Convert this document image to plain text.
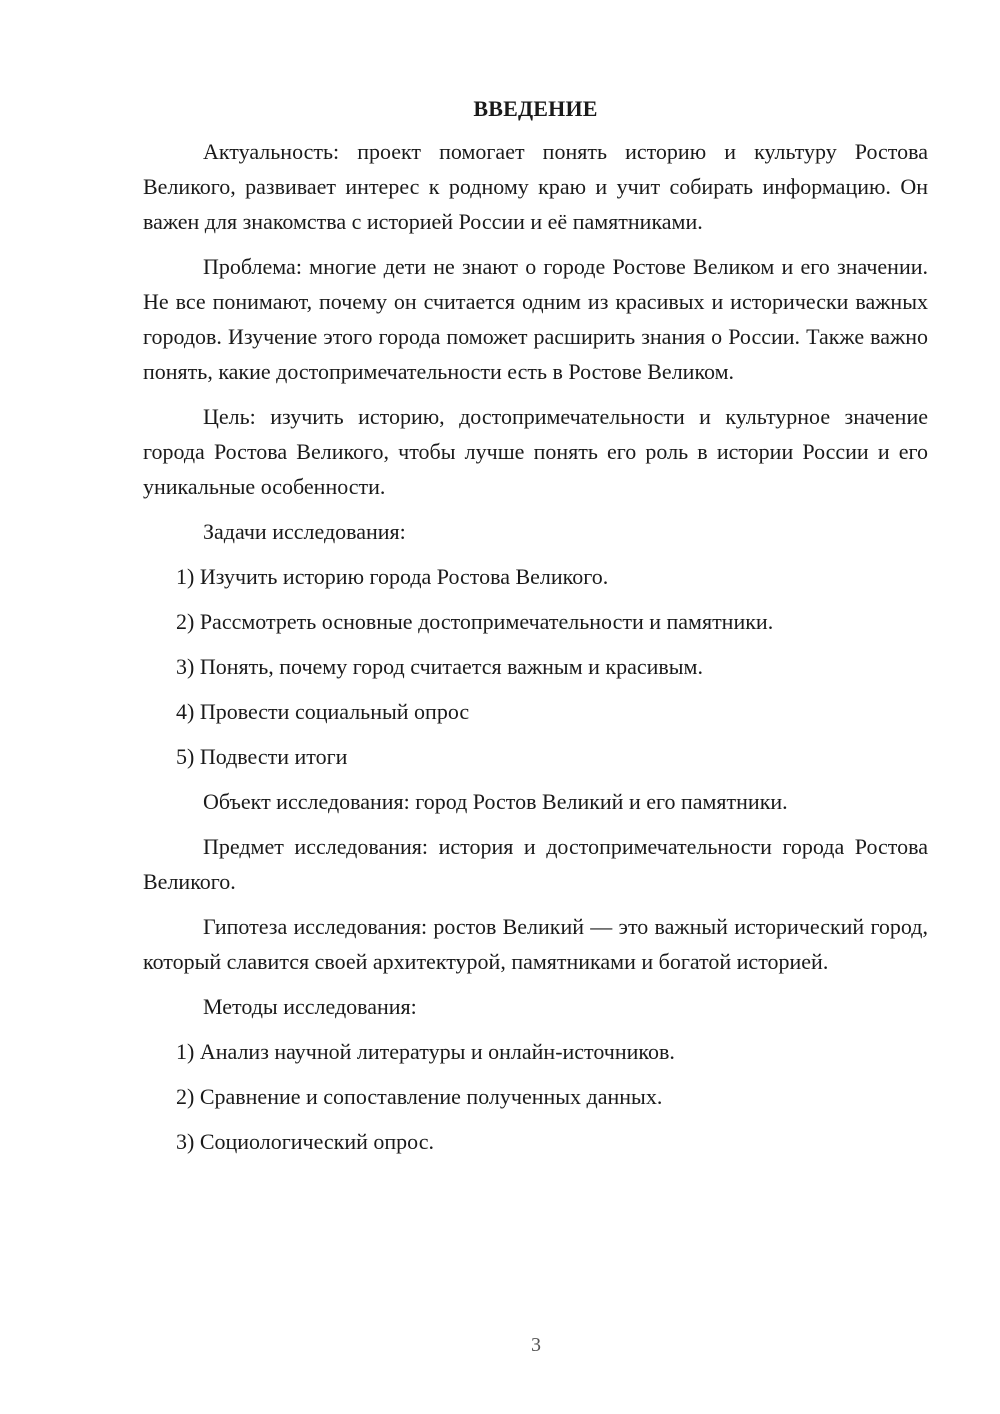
ВВЕДЕНИЕ

Актуальность: проект помогает понять историю и культуру Ростова Великого, развивает интерес к родному краю и учит собирать информацию. Он важен для знакомства с историей России и её памятниками.

Проблема: многие дети не знают о городе Ростове Великом и его значении. Не все понимают, почему он считается одним из красивых и исторически важных городов. Изучение этого города поможет расширить знания о России. Также важно понять, какие достопримечательности есть в Ростове Великом.

Цель: изучить историю, достопримечательности и культурное значение города Ростова Великого, чтобы лучше понять его роль в истории России и его уникальные особенности.

Задачи исследования:
1) Изучить историю города Ростова Великого.
2) Рассмотреть основные достопримечательности и памятники.
3) Понять, почему город считается важным и красивым.
4) Провести социальный опрос
5) Подвести итоги

Объект исследования: город Ростов Великий и его памятники.

Предмет исследования: история и достопримечательности города Ростова Великого.

Гипотеза исследования: ростов Великий — это важный исторический город, который славится своей архитектурой, памятниками и богатой историей.

Методы исследования:
1) Анализ научной литературы и онлайн-источников.
2) Сравнение и сопоставление полученных данных.
3) Социологический опрос.
3
